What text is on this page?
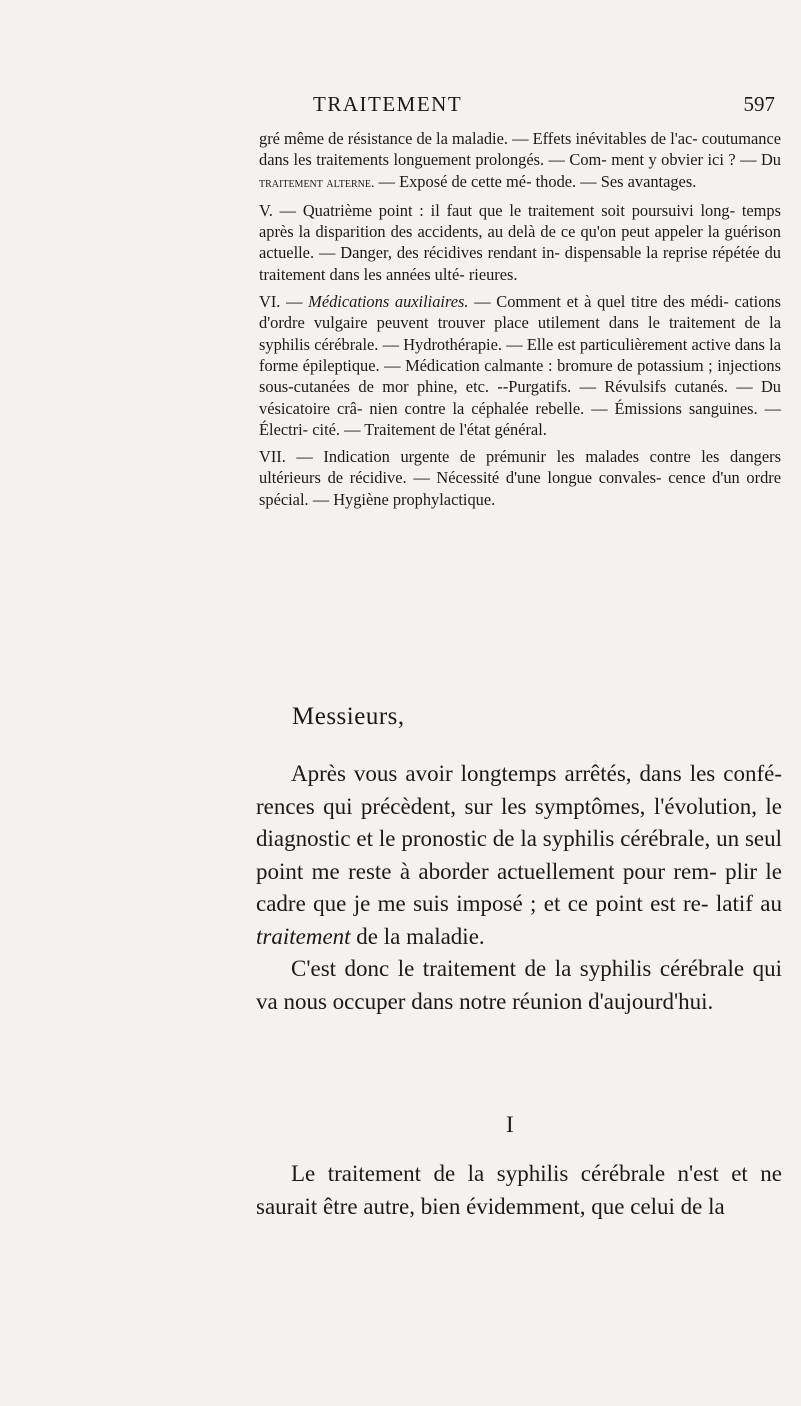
TRAITEMENT	597

gré même de résistance de la maladie. — Effets inévitables de l'ac- coutumance dans les traitements longuement prolongés. — Com- ment y obvier ici ? — Du traitement alterne. — Exposé de cette mé- thode. — Ses avantages.

V. — Quatrième point : il faut que le traitement soit poursuivi long- temps après la disparition des accidents, au delà de ce qu'on peut appeler la guérison actuelle. — Danger, des récidives rendant in- dispensable la reprise répétée du traitement dans les années ulté- rieures.

VI. — Médications auxiliaires. — Comment et à quel titre des médi- cations d'ordre vulgaire peuvent trouver place utilement dans le traitement de la syphilis cérébrale. — Hydrothérapie. — Elle est particulièrement active dans la forme épileptique. — Médication calmante : bromure de potassium ; injections sous-cutanées de mor phine, etc. --Purgatifs. — Révulsifs cutanés. — Du vésicatoire crâ- nien contre la céphalée rebelle. — Émissions sanguines. — Électri- cité. — Traitement de l'état général.

VII. — Indication urgente de prémunir les malades contre les dangers ultérieurs de récidive. — Nécessité d'une longue convales- cence d'un ordre spécial. — Hygiène prophylactique.

Messieurs,

Après vous avoir longtemps arrêtés, dans les confé- rences qui précèdent, sur les symptômes, l'évolution, le diagnostic et le pronostic de la syphilis cérébrale, un seul point me reste à aborder actuellement pour rem- plir le cadre que je me suis imposé ; et ce point est re- latif au traitement de la maladie.

C'est donc le traitement de la syphilis cérébrale qui va nous occuper dans notre réunion d'aujourd'hui.

I

Le traitement de la syphilis cérébrale n'est et ne saurait être autre, bien évidemment, que celui de la
